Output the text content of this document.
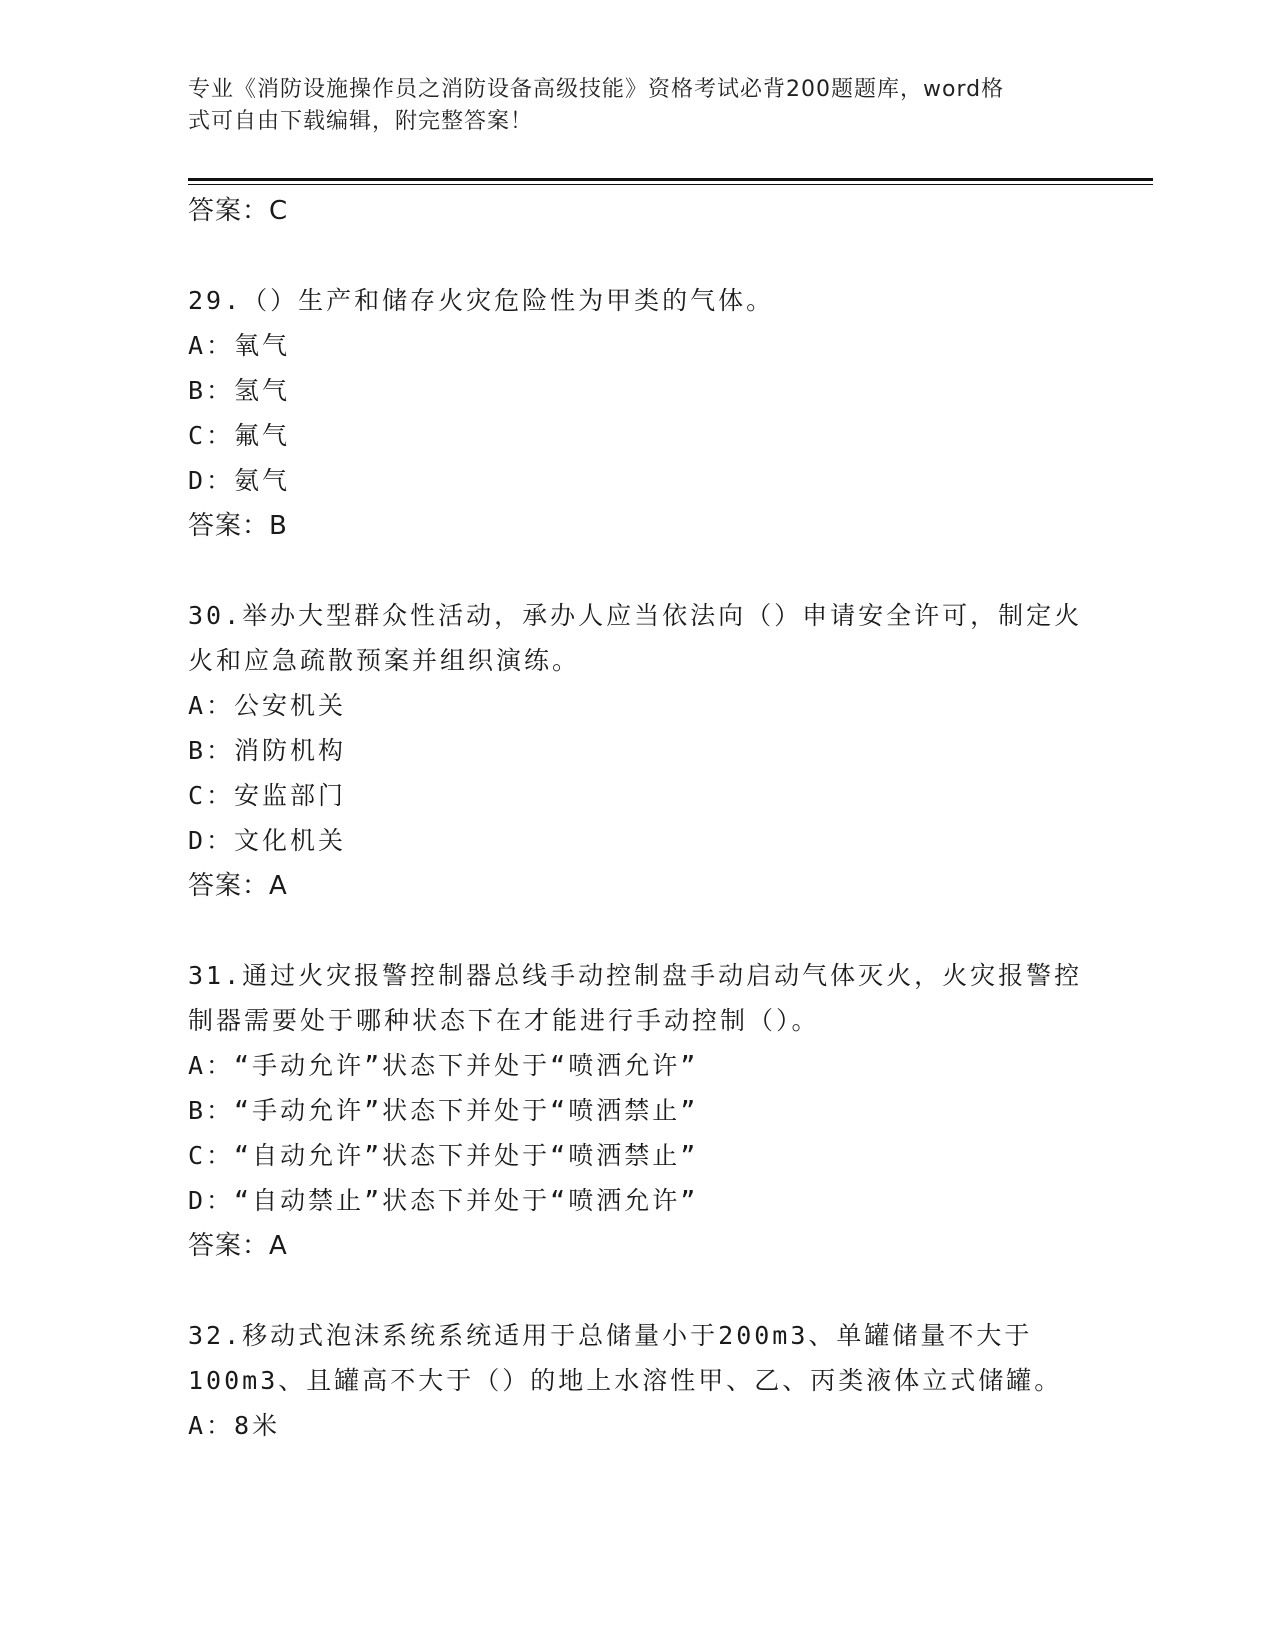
专业《消防设施操作员之消防设备高级技能》资格考试必背200题题库，word格
式可自由下载编辑，附完整答案！
答案：C
29.（）生产和储存火灾危险性为甲类的气体。
A：氧气
B：氢气
C：氟气
D：氨气
答案：B
30.举办大型群众性活动，承办人应当依法向（）申请安全许可，制定火火和应急疏散预案并组织演练。
A：公安机关
B：消防机构
C：安监部门
D：文化机关
答案：A
31.通过火灾报警控制器总线手动控制盘手动启动气体灭火，火灾报警控制器需要处于哪种状态下在才能进行手动控制（）。
A：“手动允许”状态下并处于“喷洒允许”
B：“手动允许”状态下并处于“喷洒禁止”
C：“自动允许”状态下并处于“喷洒禁止”
D：“自动禁止”状态下并处于“喷洒允许”
答案：A
32.移动式泡沫系统系统适用于总储量小于200m3、单罐储量不大于100m3、且罐高不大于（）的地上水溶性甲、乙、丙类液体立式储罐。
A：8米
